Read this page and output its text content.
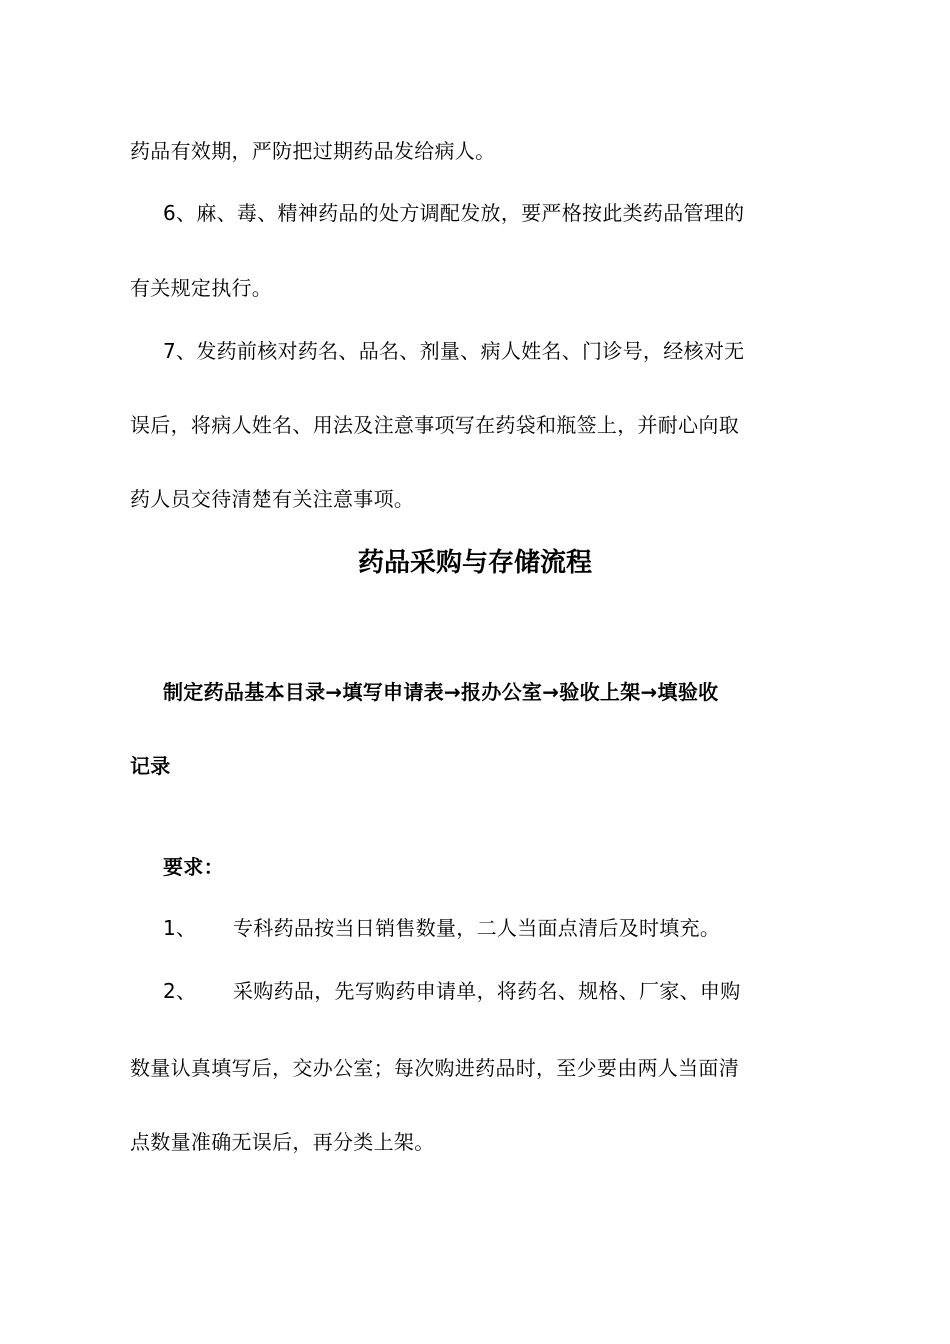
药品有效期，严防把过期药品发给病人。
6、麻、毒、精神药品的处方调配发放，要严格按此类药品管理的
有关规定执行。
7、发药前核对药名、品名、剂量、病人姓名、门诊号，经核对无
误后，将病人姓名、用法及注意事项写在药袋和瓶签上，并耐心向取
药人员交待清楚有关注意事项。
药品采购与存储流程
制定药品基本目录→填写申请表→报办公室→验收上架→填验收
记录
要求：
1、 专科药品按当日销售数量，二人当面点清后及时填充。
2、 采购药品，先写购药申请单，将药名、规格、厂家、申购
数量认真填写后，交办公室；每次购进药品时，至少要由两人当面清
点数量准确无误后，再分类上架。
